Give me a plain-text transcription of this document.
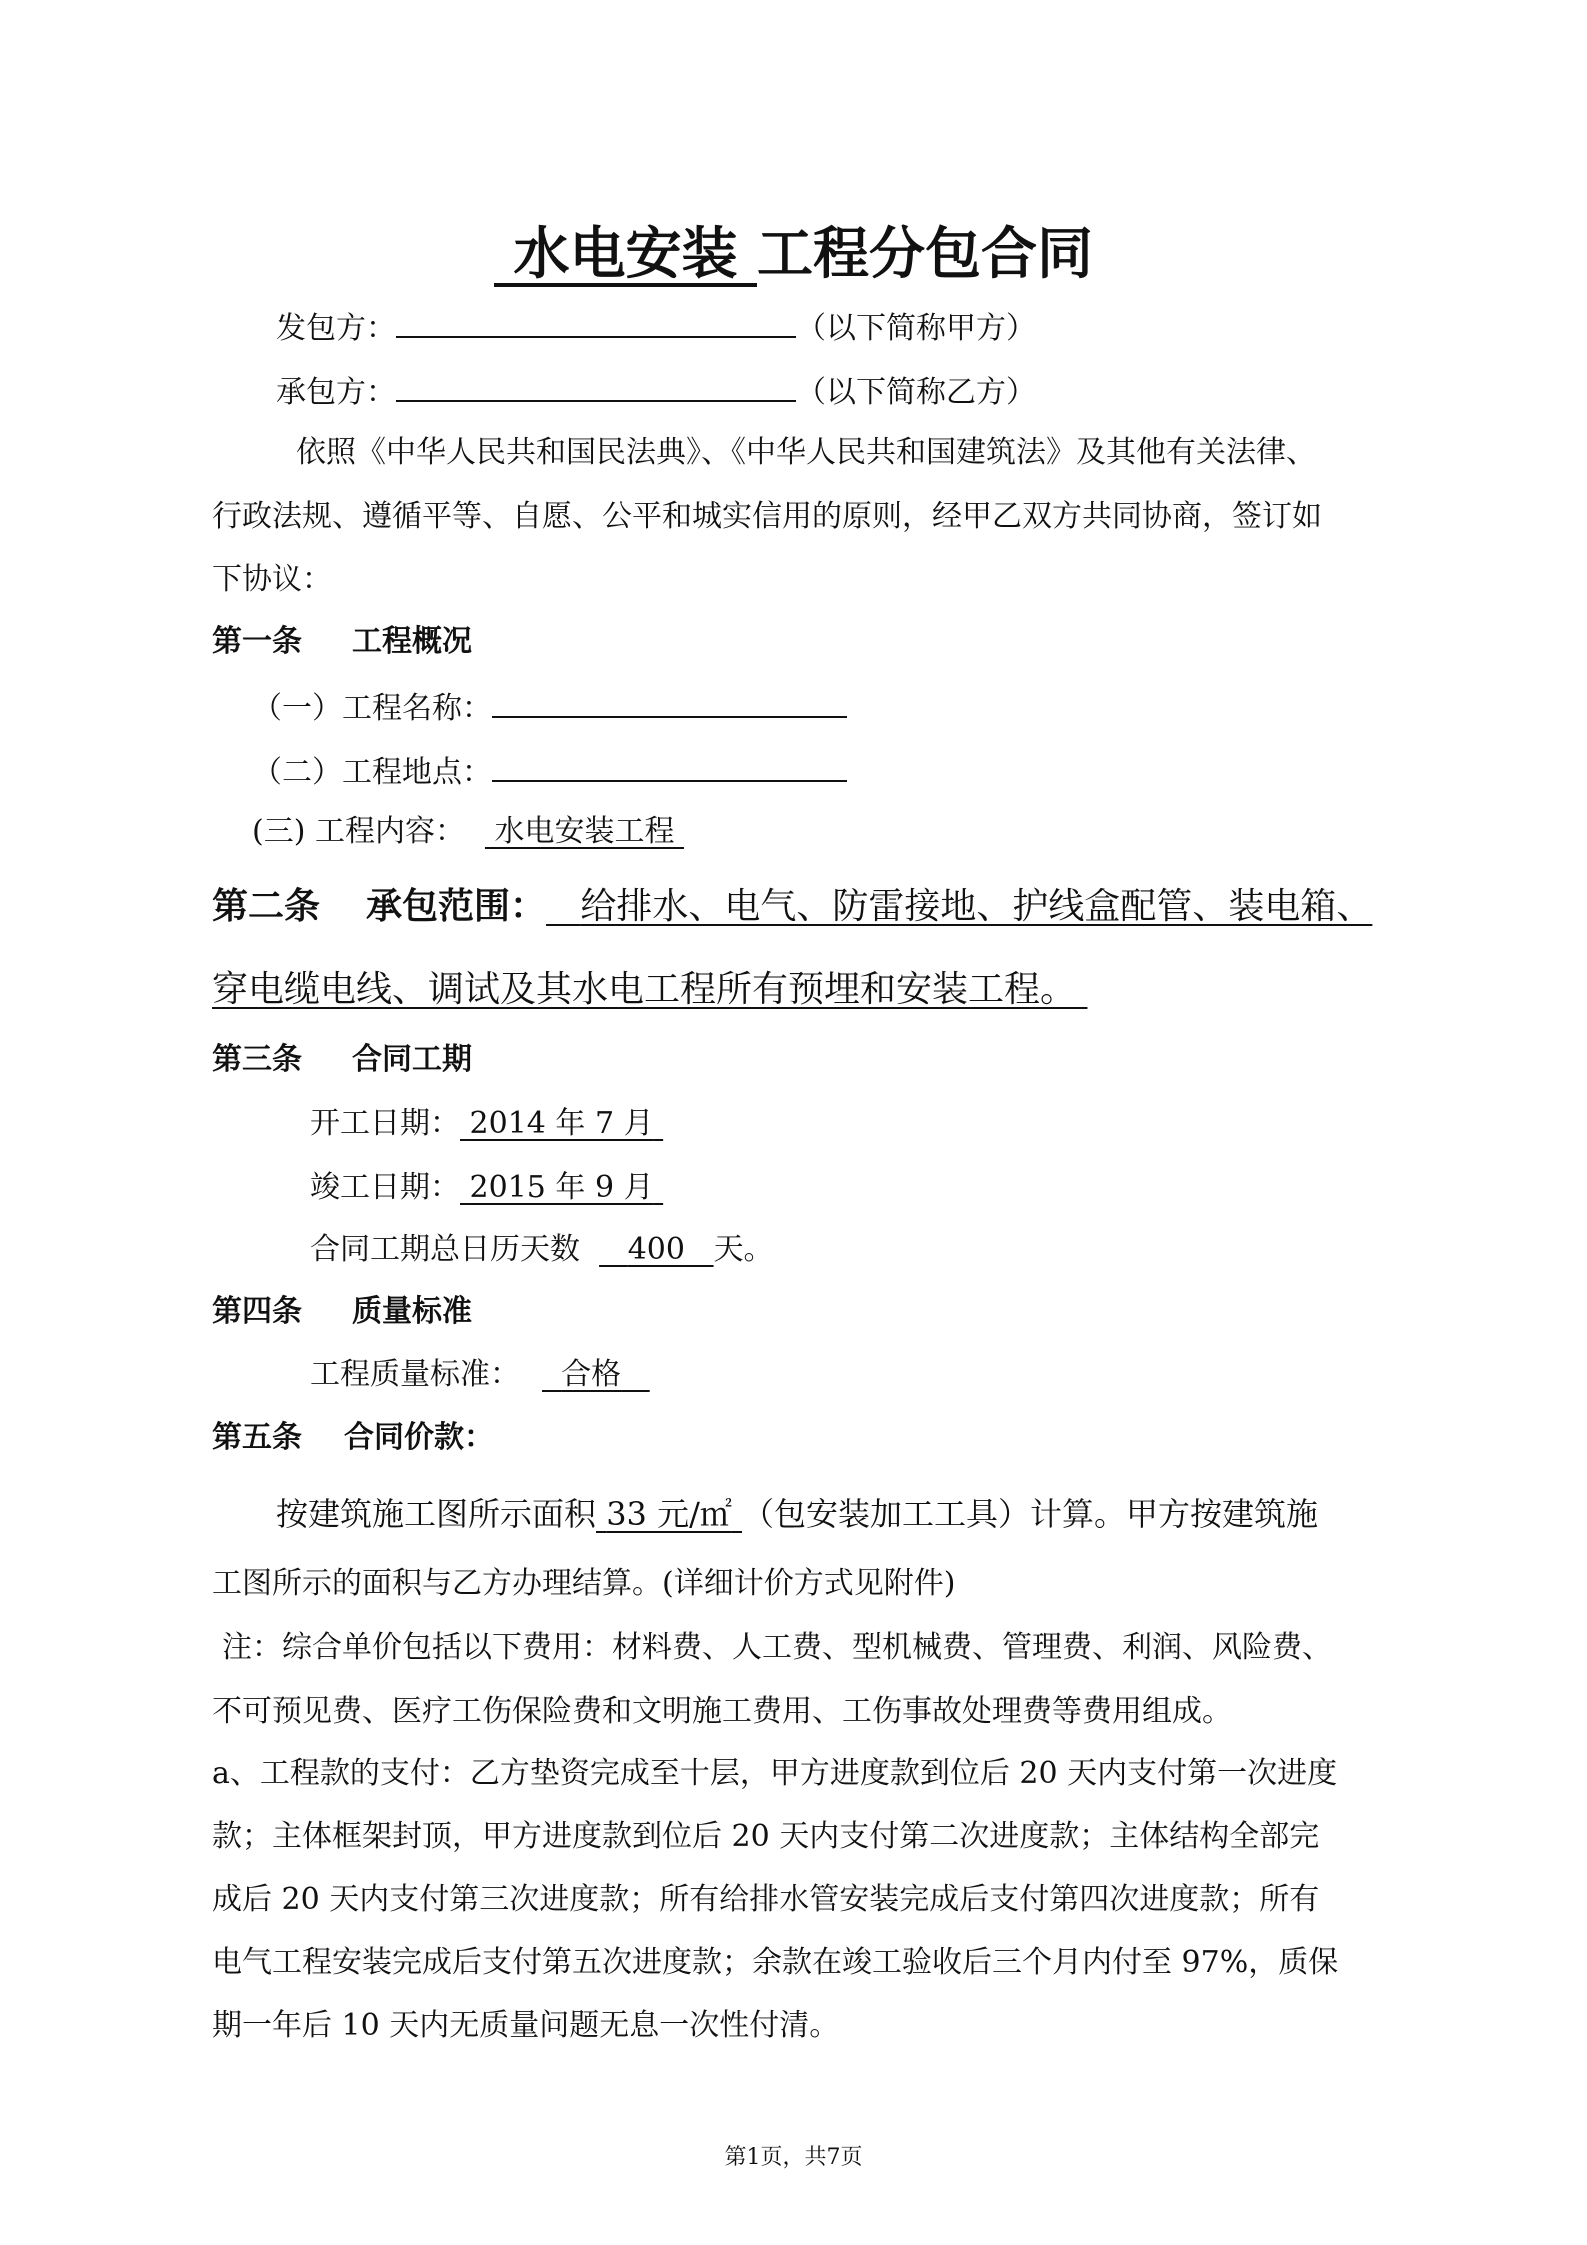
水电安装 工程分包合同
发包方：	（以下简称甲方）
承包方：	（以下简称乙方）
依照《中华人民共和国民法典》、《中华人民共和国建筑法》及其他有关法律、
行政法规、遵循平等、自愿、公平和城实信用的原则，经甲乙双方共同协商，签订如
下协议：
第一条 工程概况
（一）工程名称：
（二）工程地点：
(三) 工程内容： 水电安装工程
第二条 承包范围： 给排水、电气、防雷接地、护线盒配管、装电箱、
穿电缆电线、调试及其水电工程所有预埋和安装工程。
第三条 合同工期
开工日期： 2014 年 7 月
竣工日期： 2015 年 9 月
合同工期总日历天数 400 天。
第四条 质量标准
工程质量标准： 合格
第五条 合同价款：
按建筑施工图所示面积 33 元/㎡ （包安装加工工具）计算。甲方按建筑施
工图所示的面积与乙方办理结算。(详细计价方式见附件)
注：综合单价包括以下费用：材料费、人工费、型机械费、管理费、利润、风险费、
不可预见费、医疗工伤保险费和文明施工费用、工伤事故处理费等费用组成。
a、工程款的支付：乙方垫资完成至十层，甲方进度款到位后 20 天内支付第一次进度
款；主体框架封顶，甲方进度款到位后 20 天内支付第二次进度款；主体结构全部完
成后 20 天内支付第三次进度款；所有给排水管安装完成后支付第四次进度款；所有
电气工程安装完成后支付第五次进度款；余款在竣工验收后三个月内付至 97%，质保
期一年后 10 天内无质量问题无息一次性付清。
第1页，共7页
